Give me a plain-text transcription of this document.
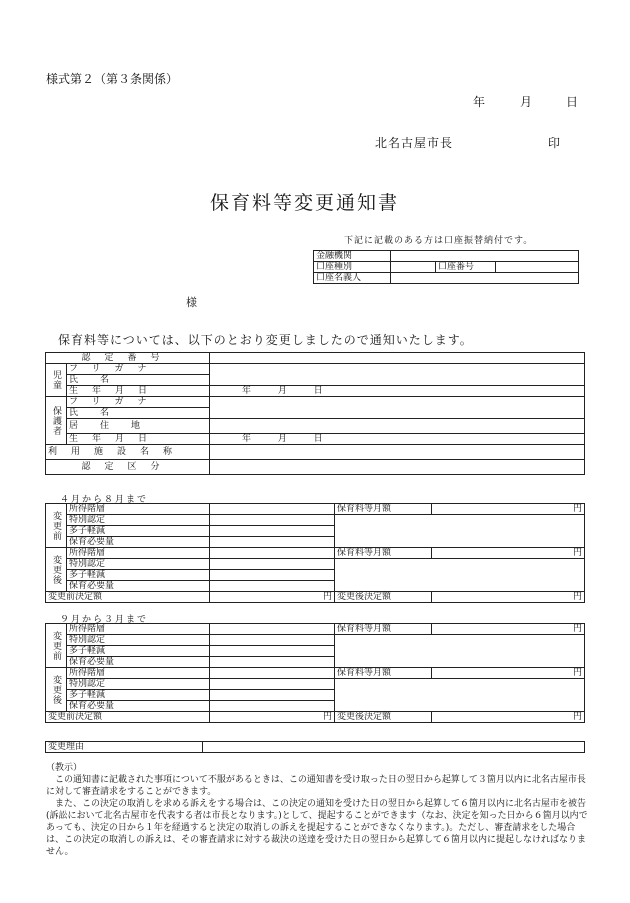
様式第２（第３条関係）
年	月	日
北名古屋市長	印
保育料等変更通知書
下記に記載のある方は口座振替納付です。
金融機関			
口座種別		口座番号	
口座名義人			
様
保育料等については、以下のとおり変更しましたので通知いたします。
認定番号		
児童	フリガナ	
	氏名	
	生年月日	年 月 日
保護者	フリガナ	
	氏名	
	居住地	
	生年月日	年 月 日
利用施設名称		
認定区分		
４月から８月まで
変更前	所得階層		保育料等月額	円
	特別認定			
	多子軽減			
	保育必要量			
変更後	所得階層		保育料等月額	円
	特別認定			
	多子軽減			
	保育必要量			
変更前決定額		円	変更後決定額	円
９月から３月まで
変更前	所得階層		保育料等月額	円
	特別認定			
	多子軽減			
	保育必要量			
変更後	所得階層		保育料等月額	円
	特別認定			
	多子軽減			
	保育必要量			
変更前決定額		円	変更後決定額	円
変更理由	
（教示）
この通知書に記載された事項について不服があるときは、この通知書を受け取った日の翌日から起算して３箇月以内に北名古屋市長に対して審査請求をすることができます。
また、この決定の取消しを求める訴えをする場合は、この決定の通知を受けた日の翌日から起算して６箇月以内に北名古屋市を被告(訴訟において北名古屋市を代表する者は市長となります。)として、提起することができます（なお、決定を知った日から６箇月以内であっても、決定の日から１年を経過すると決定の取消しの訴えを提起することができなくなります。)。ただし、審査請求をした場合は、この決定の取消しの訴えは、その審査請求に対する裁決の送達を受けた日の翌日から起算して６箇月以内に提起しなければなりません。
